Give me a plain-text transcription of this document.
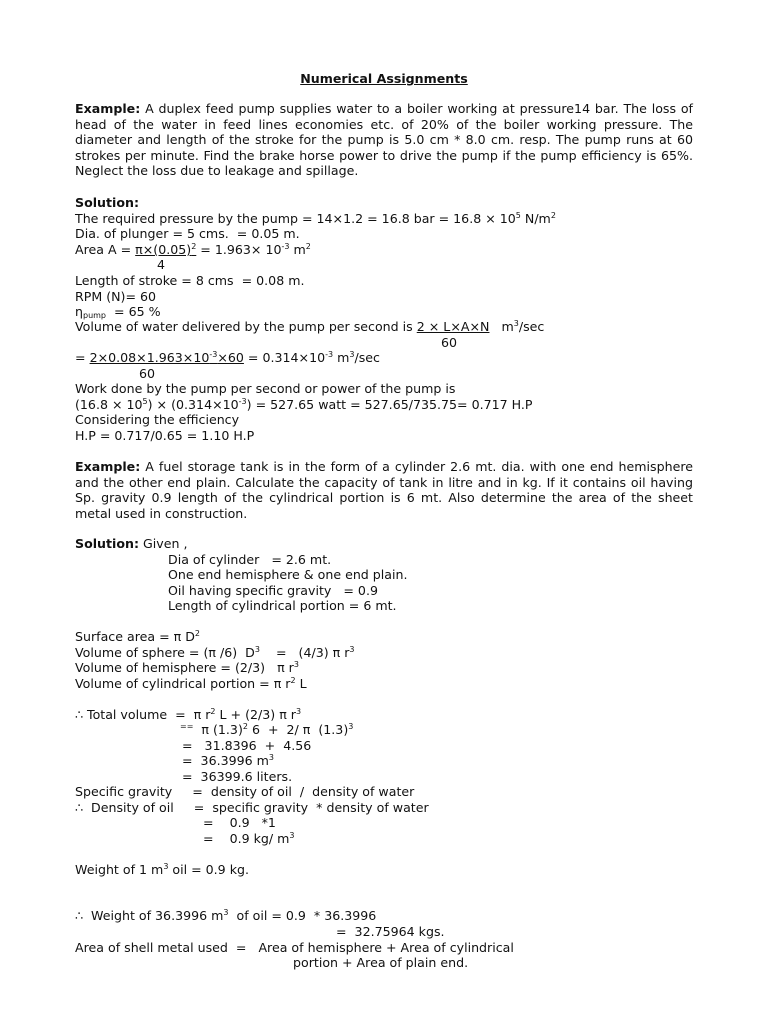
Numerical Assignments

Example: A duplex feed pump supplies water to a boiler working at pressure14 bar. The loss of head of the water in feed lines economies etc. of 20% of the boiler working pressure. The diameter and length of the stroke for the pump is 5.0 cm * 8.0 cm. resp. The pump runs at 60 strokes per minute. Find the brake horse power to drive the pump if the pump efficiency is 65%. Neglect the loss due to leakage and spillage.

Solution:
The required pressure by the pump = 14×1.2 = 16.8 bar = $16.8 \times 10^5$ $N/m^2$
Dia. of plunger = 5 cms.  = 0.05 m.
Area $A = \pi\times(0.05)^2 = 1.963\times 10^{-3}$ $m^2$
4
Length of stroke = 8 cms  = 0.08 m.
RPM (N)= 60
$\eta_{pump} = 65$ %
Volume of water delivered by the pump per second is 2 × L×A×N   $m^3/\sec$
60
= $2\times 0.08\times 1.963\times 10^{-3}\times 60 = 0.314\times 10^{-3}$ $m^3/\sec$
60
Work done by the pump per second or power of the pump is
$(16.8 \times 10^5) \times (0.314\times 10^{-3}) = 527.65$ watt = 527.65/735.75= 0.717 H.P
Considering the efficiency
H.P = 0.717/0.65 = 1.10 H.P

Example: A fuel storage tank is in the form of a cylinder 2.6 mt. dia. with one end hemisphere and the other end plain. Calculate the capacity of tank in litre and in kg. If it contains oil having Sp. gravity 0.9 length of the cylindrical portion is 6 mt. Also determine the area of the sheet metal used in construction.

Solution: Given ,
Dia of cylinder   = 2.6 mt.
One end hemisphere & one end plain.
Oil having specific gravity   = 0.9
Length of cylindrical portion = 6 mt.
Surface area = π $D^2$
Volume of sphere = (π /6)  $D^3$    =   (4/3) π $r^3$
Volume of hemisphere = (2/3)   π $r^3$
Volume of cylindrical portion = π $r^2$ L
∴ Total volume  =  π $r^2$ L + (2/3) π $r^3$
==  π $(1.3)^2$ 6  +  2/ π  $(1.3)^3$
=   31.8396  +  4.56
=  36.3996 $m^3$
=  36399.6 liters.
Specific gravity     =  density of oil  /  density of water
∴  Density of oil     =  specific gravity  * density of water
=    0.9   *1
=    0.9 kg/ $m^3$
Weight of 1 $m^3$ oil = 0.9 kg.
∴  Weight of 36.3996 $m^3$  of oil = 0.9  * 36.3996
=  32.75964 kgs.
Area of shell metal used  =   Area of hemisphere + Area of cylindrical
portion + Area of plain end.
